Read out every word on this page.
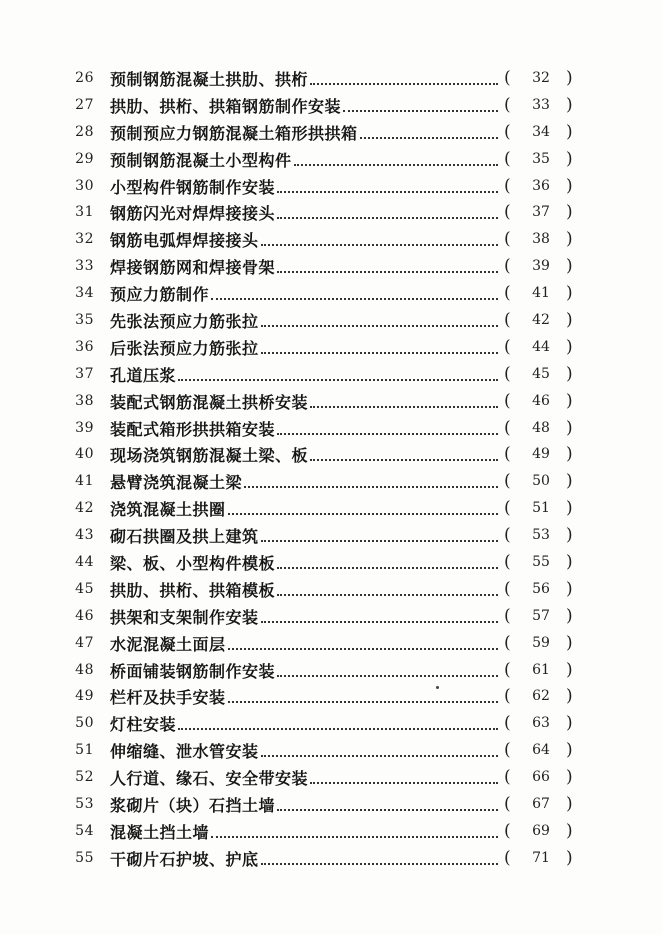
26 预制钢筋混凝土拱肋、拱桁	(	32 )
27 拱肋、拱桁、拱箱钢筋制作安装	(	33 )
28 预制预应力钢筋混凝土箱形拱拱箱	(	34 )
29 预制钢筋混凝土小型构件	(	35 )
30 小型构件钢筋制作安装	(	36 )
31 钢筋闪光对焊焊接接头	(	37 )
32 钢筋电弧焊焊接接头	(	38 )
33 焊接钢筋网和焊接骨架	(	39 )
34 预应力筋制作	(	41 )
35 先张法预应力筋张拉	(	42 )
36 后张法预应力筋张拉	(	44 )
37 孔道压浆	(	45 )
38 装配式钢筋混凝土拱桥安装	(	46 )
39 装配式箱形拱拱箱安装	(	48 )
40 现场浇筑钢筋混凝土梁、板	(	49 )
41 悬臂浇筑混凝土梁	(	50 )
42 浇筑混凝土拱圈	(	51 )
43 砌石拱圈及拱上建筑	(	53 )
44 梁、板、小型构件模板	(	55 )
45 拱肋、拱桁、拱箱模板	(	56 )
46 拱架和支架制作安装	(	57 )
47 水泥混凝土面层	(	59 )
48 桥面铺装钢筋制作安装	(	61 )
49 栏杆及扶手安装	(	62 )
50 灯柱安装	(	63 )
51 伸缩缝、泄水管安装	(	64 )
52 人行道、缘石、安全带安装	(	66 )
53 浆砌片（块）石挡土墙	(	67 )
54 混凝土挡土墙	(	69 )
55 干砌片石护坡、护底	(	71 )
